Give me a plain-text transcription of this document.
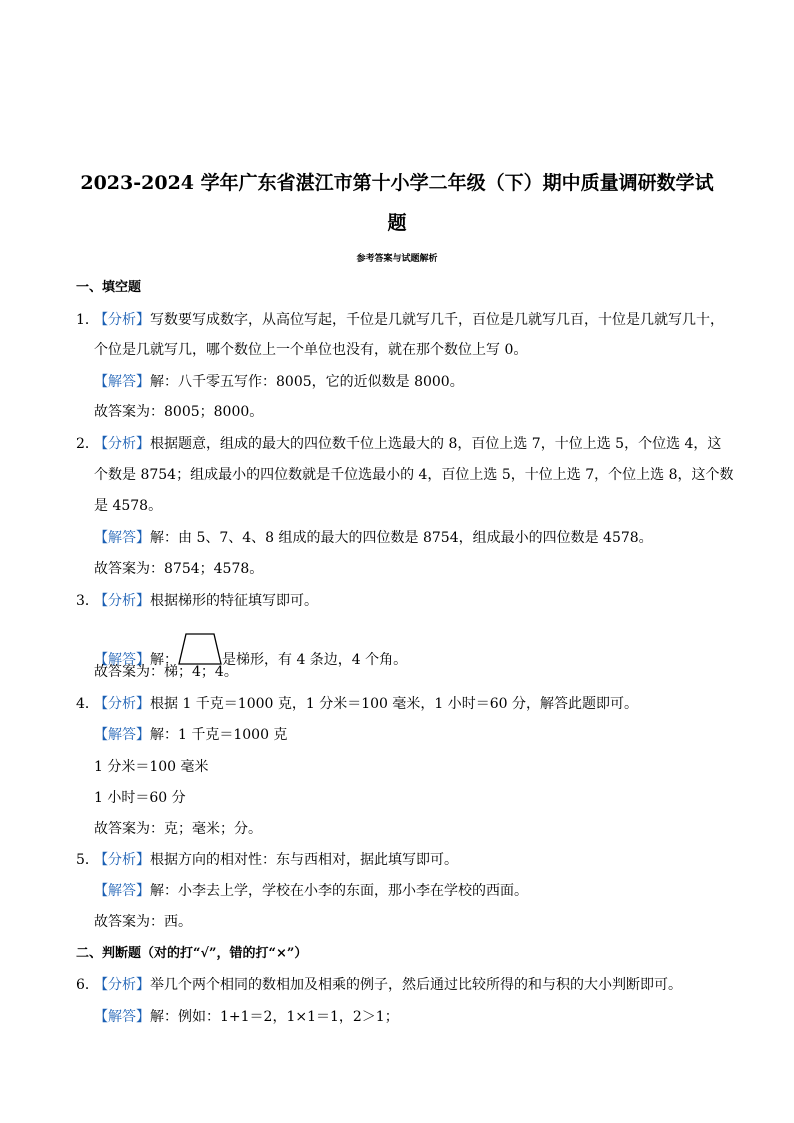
2023-2024 学年广东省湛江市第十小学二年级（下）期中质量调研数学试
题
参考答案与试题解析
一、填空题
1．【分析】写数要写成数字，从高位写起，千位是几就写几千，百位是几就写几百，十位是几就写几十，
个位是几就写几，哪个数位上一个单位也没有，就在那个数位上写 0。
【解答】解：八千零五写作：8005，它的近似数是 8000。
故答案为：8005；8000。
2．【分析】根据题意，组成的最大的四位数千位上选最大的 8，百位上选 7，十位上选 5，个位选 4，这
个数是 8754；组成最小的四位数就是千位选最小的 4，百位上选 5，十位上选 7，个位上选 8，这个数
是 4578。
【解答】解：由 5、7、4、8 组成的最大的四位数是 8754，组成最小的四位数是 4578。
故答案为：8754；4578。
3．【分析】根据梯形的特征填写即可。
【解答】解：	是梯形，有 4 条边，4 个角。
故答案为：梯；4；4。
4．【分析】根据 1 千克＝1000 克，1 分米＝100 毫米，1 小时＝60 分，解答此题即可。
【解答】解：1 千克＝1000 克
1 分米＝100 毫米
1 小时＝60 分
故答案为：克；毫米；分。
5．【分析】根据方向的相对性：东与西相对，据此填写即可。
【解答】解：小李去上学，学校在小李的东面，那小李在学校的西面。
故答案为：西。
二、判断题（对的打“√”，错的打“×”）
6．【分析】举几个两个相同的数相加及相乘的例子，然后通过比较所得的和与积的大小判断即可。
【解答】解：例如：1+1＝2，1×1＝1，2＞1；
